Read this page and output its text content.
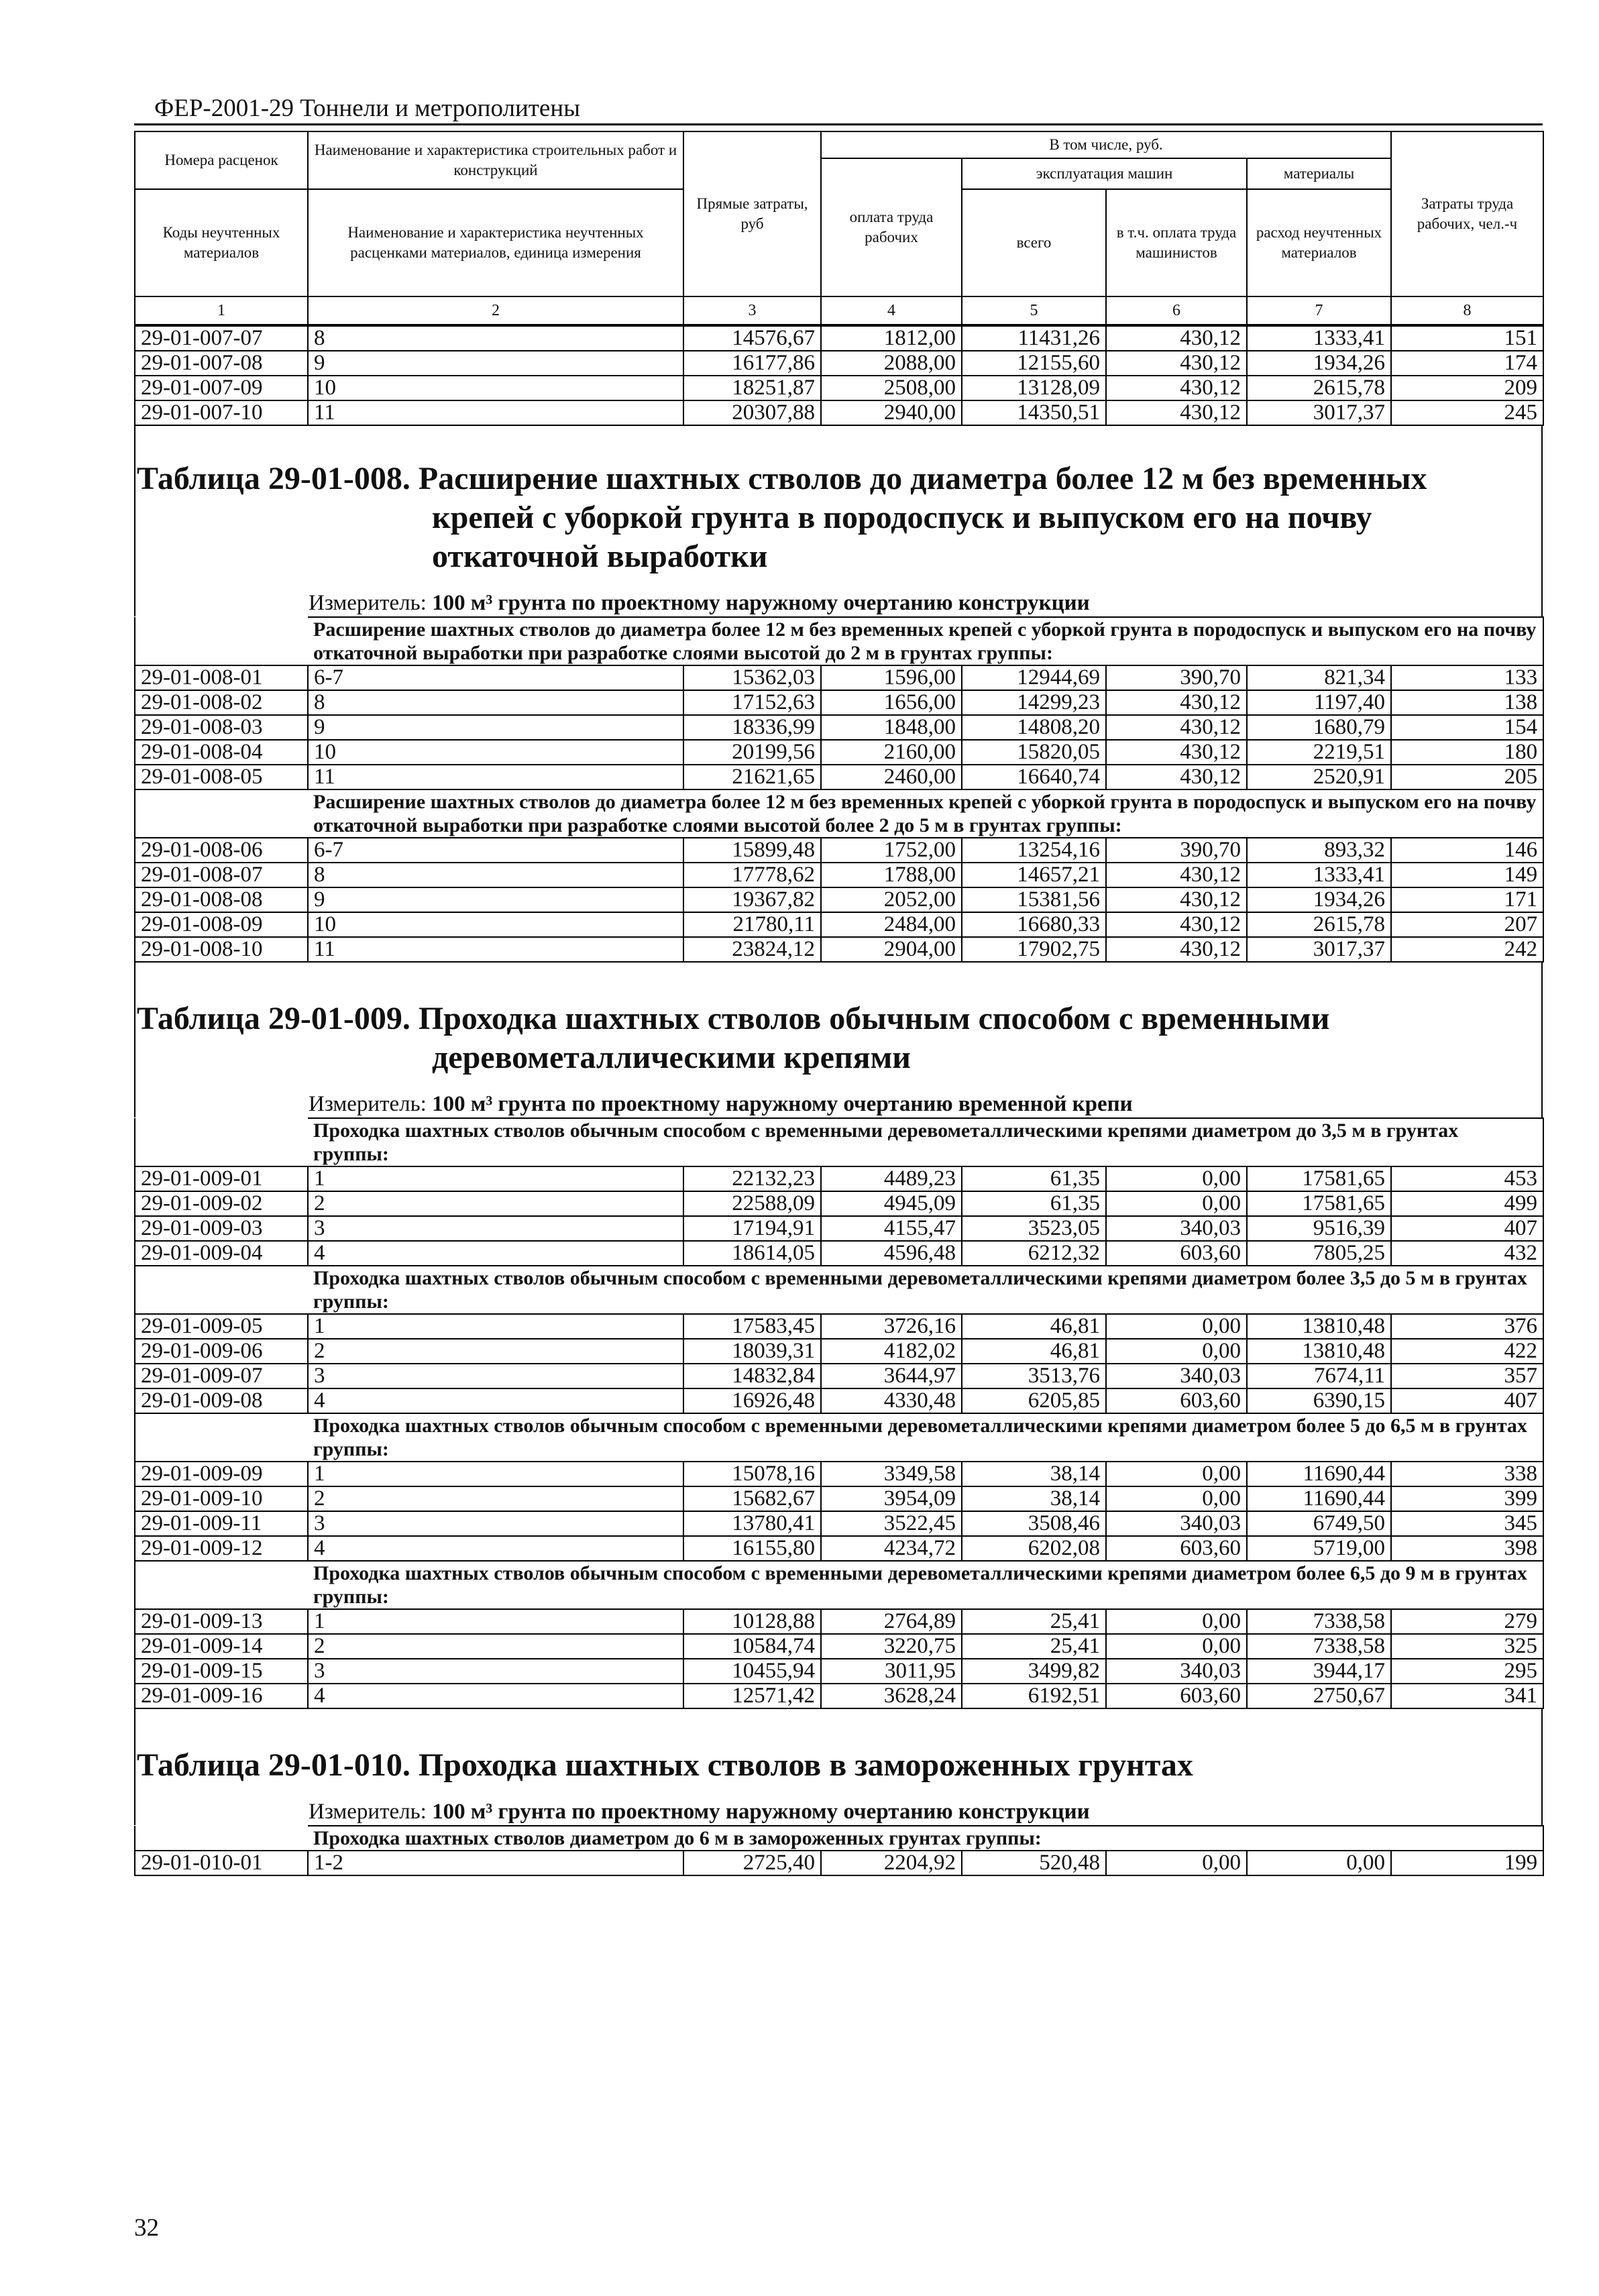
ФЕР-2001-29 Тоннели и метрополитены
Номера расценок	Наименование и характеристика строительных работ и конструкций	Прямые затраты, руб	В том числе, руб.				Затраты труда рабочих, чел.-ч
			оплата труда рабочих	эксплуатация машин		материалы	
Коды неучтенных материалов	Наименование и характеристика неучтенных расценками материалов, единица измерения			всего	в т.ч. оплата труда машинистов	расход неучтенных материалов	

1	2	3	4	5	6	7	8
29-01-007-07	8	14576,67	1812,00	11431,26	430,12	1333,41	151
29-01-007-08	9	16177,86	2088,00	12155,60	430,12	1934,26	174
29-01-007-09	10	18251,87	2508,00	13128,09	430,12	2615,78	209
29-01-007-10	11	20307,88	2940,00	14350,51	430,12	3017,37	245
Таблица 29-01-008. Расширение шахтных стволов до диаметра более 12 м без временных
крепей с уборкой грунта в породоспуск и выпуском его на почву
откаточной выработки
Измеритель: 100 м³ грунта по проектному наружному очертанию конструкции
	Расширение шахтных стволов до диаметра более 12 м без временных крепей с уборкой грунта в породоспуск и выпуском его на почву откаточной выработки при разработке слоями высотой до 2 м в грунтах группы:						
29-01-008-01	6-7	15362,03	1596,00	12944,69	390,70	821,34	133
29-01-008-02	8	17152,63	1656,00	14299,23	430,12	1197,40	138
29-01-008-03	9	18336,99	1848,00	14808,20	430,12	1680,79	154
29-01-008-04	10	20199,56	2160,00	15820,05	430,12	2219,51	180
29-01-008-05	11	21621,65	2460,00	16640,74	430,12	2520,91	205
	Расширение шахтных стволов до диаметра более 12 м без временных крепей с уборкой грунта в породоспуск и выпуском его на почву откаточной выработки при разработке слоями высотой более 2 до 5 м в грунтах группы:						
29-01-008-06	6-7	15899,48	1752,00	13254,16	390,70	893,32	146
29-01-008-07	8	17778,62	1788,00	14657,21	430,12	1333,41	149
29-01-008-08	9	19367,82	2052,00	15381,56	430,12	1934,26	171
29-01-008-09	10	21780,11	2484,00	16680,33	430,12	2615,78	207
29-01-008-10	11	23824,12	2904,00	17902,75	430,12	3017,37	242
Таблица 29-01-009. Проходка шахтных стволов обычным способом с временными
деревометаллическими крепями
Измеритель: 100 м³ грунта по проектному наружному очертанию временной крепи
	Проходка шахтных стволов обычным способом с временными деревометаллическими крепями диаметром до 3,5 м в грунтах группы:						
29-01-009-01	1	22132,23	4489,23	61,35	0,00	17581,65	453
29-01-009-02	2	22588,09	4945,09	61,35	0,00	17581,65	499
29-01-009-03	3	17194,91	4155,47	3523,05	340,03	9516,39	407
29-01-009-04	4	18614,05	4596,48	6212,32	603,60	7805,25	432
	Проходка шахтных стволов обычным способом с временными деревометаллическими крепями диаметром более 3,5 до 5 м в грунтах группы:						
29-01-009-05	1	17583,45	3726,16	46,81	0,00	13810,48	376
29-01-009-06	2	18039,31	4182,02	46,81	0,00	13810,48	422
29-01-009-07	3	14832,84	3644,97	3513,76	340,03	7674,11	357
29-01-009-08	4	16926,48	4330,48	6205,85	603,60	6390,15	407
	Проходка шахтных стволов обычным способом с временными деревометаллическими крепями диаметром более 5 до 6,5 м в грунтах группы:						
29-01-009-09	1	15078,16	3349,58	38,14	0,00	11690,44	338
29-01-009-10	2	15682,67	3954,09	38,14	0,00	11690,44	399
29-01-009-11	3	13780,41	3522,45	3508,46	340,03	6749,50	345
29-01-009-12	4	16155,80	4234,72	6202,08	603,60	5719,00	398
	Проходка шахтных стволов обычным способом с временными деревометаллическими крепями диаметром более 6,5 до 9 м в грунтах группы:						
29-01-009-13	1	10128,88	2764,89	25,41	0,00	7338,58	279
29-01-009-14	2	10584,74	3220,75	25,41	0,00	7338,58	325
29-01-009-15	3	10455,94	3011,95	3499,82	340,03	3944,17	295
29-01-009-16	4	12571,42	3628,24	6192,51	603,60	2750,67	341
Таблица 29-01-010. Проходка шахтных стволов в замороженных грунтах
Измеритель: 100 м³ грунта по проектному наружному очертанию конструкции
	Проходка шахтных стволов диаметром до 6 м в замороженных грунтах группы:						
29-01-010-01	1-2	2725,40	2204,92	520,48	0,00	0,00	199
32
